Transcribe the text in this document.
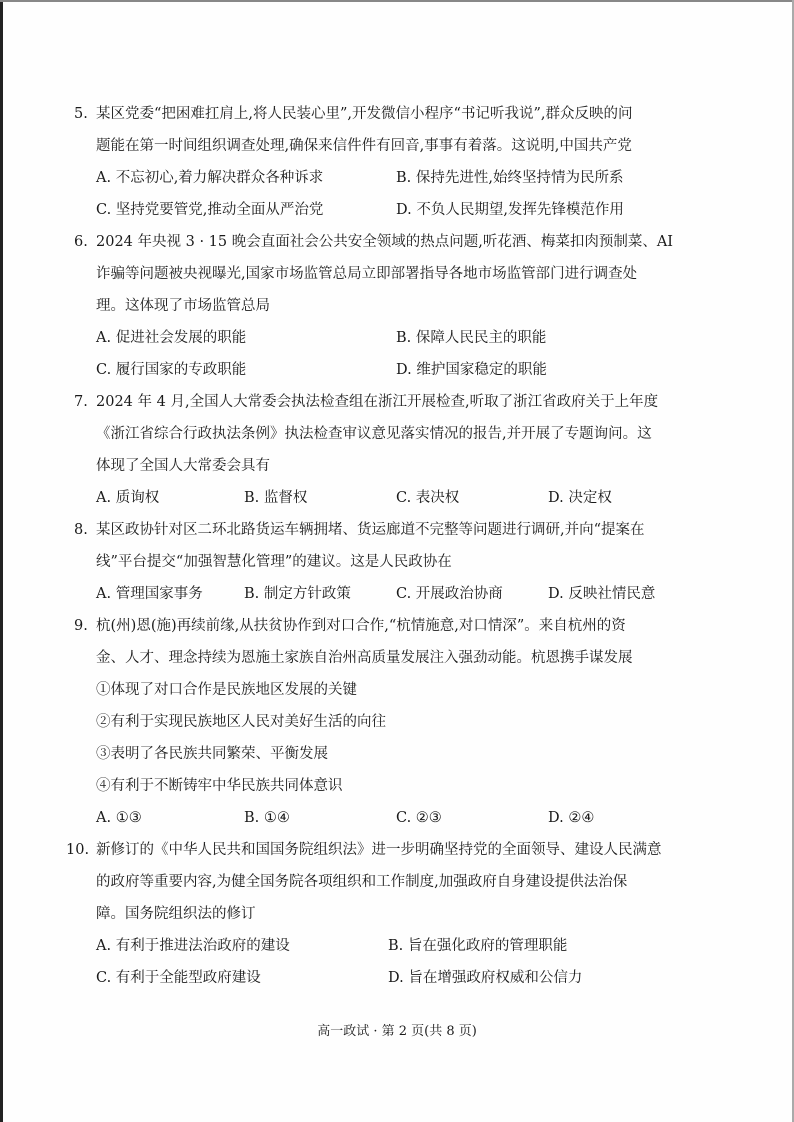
5. 某区党委“把困难扛肩上,将人民装心里”,开发微信小程序“书记听我说”,群众反映的问
题能在第一时间组织调查处理,确保来信件件有回音,事事有着落。这说明,中国共产党
A. 不忘初心,着力解决群众各种诉求	B. 保持先进性,始终坚持情为民所系
C. 坚持党要管党,推动全面从严治党	D. 不负人民期望,发挥先锋模范作用
6. 2024 年央视 3 · 15 晚会直面社会公共安全领域的热点问题,听花酒、梅菜扣肉预制菜、AI
诈骗等问题被央视曝光,国家市场监管总局立即部署指导各地市场监管部门进行调查处
理。这体现了市场监管总局
A. 促进社会发展的职能	B. 保障人民民主的职能
C. 履行国家的专政职能	D. 维护国家稳定的职能
7. 2024 年 4 月,全国人大常委会执法检查组在浙江开展检查,听取了浙江省政府关于上年度
《浙江省综合行政执法条例》执法检查审议意见落实情况的报告,并开展了专题询问。这
体现了全国人大常委会具有
A. 质询权	B. 监督权	C. 表决权	D. 决定权
8. 某区政协针对区二环北路货运车辆拥堵、货运廊道不完整等问题进行调研,并向“提案在
线”平台提交“加强智慧化管理”的建议。这是人民政协在
A. 管理国家事务	B. 制定方针政策	C. 开展政治协商	D. 反映社情民意
9. 杭(州)恩(施)再续前缘,从扶贫协作到对口合作,“杭情施意,对口情深”。来自杭州的资
金、人才、理念持续为恩施土家族自治州高质量发展注入强劲动能。杭恩携手谋发展
①体现了对口合作是民族地区发展的关键
②有利于实现民族地区人民对美好生活的向往
③表明了各民族共同繁荣、平衡发展
④有利于不断铸牢中华民族共同体意识
A. ①③	B. ①④	C. ②③	D. ②④
10. 新修订的《中华人民共和国国务院组织法》进一步明确坚持党的全面领导、建设人民满意
的政府等重要内容,为健全国务院各项组织和工作制度,加强政府自身建设提供法治保
障。国务院组织法的修订
A. 有利于推进法治政府的建设	B. 旨在强化政府的管理职能
C. 有利于全能型政府建设	D. 旨在增强政府权威和公信力
高一政试 · 第 2 页(共 8 页)
